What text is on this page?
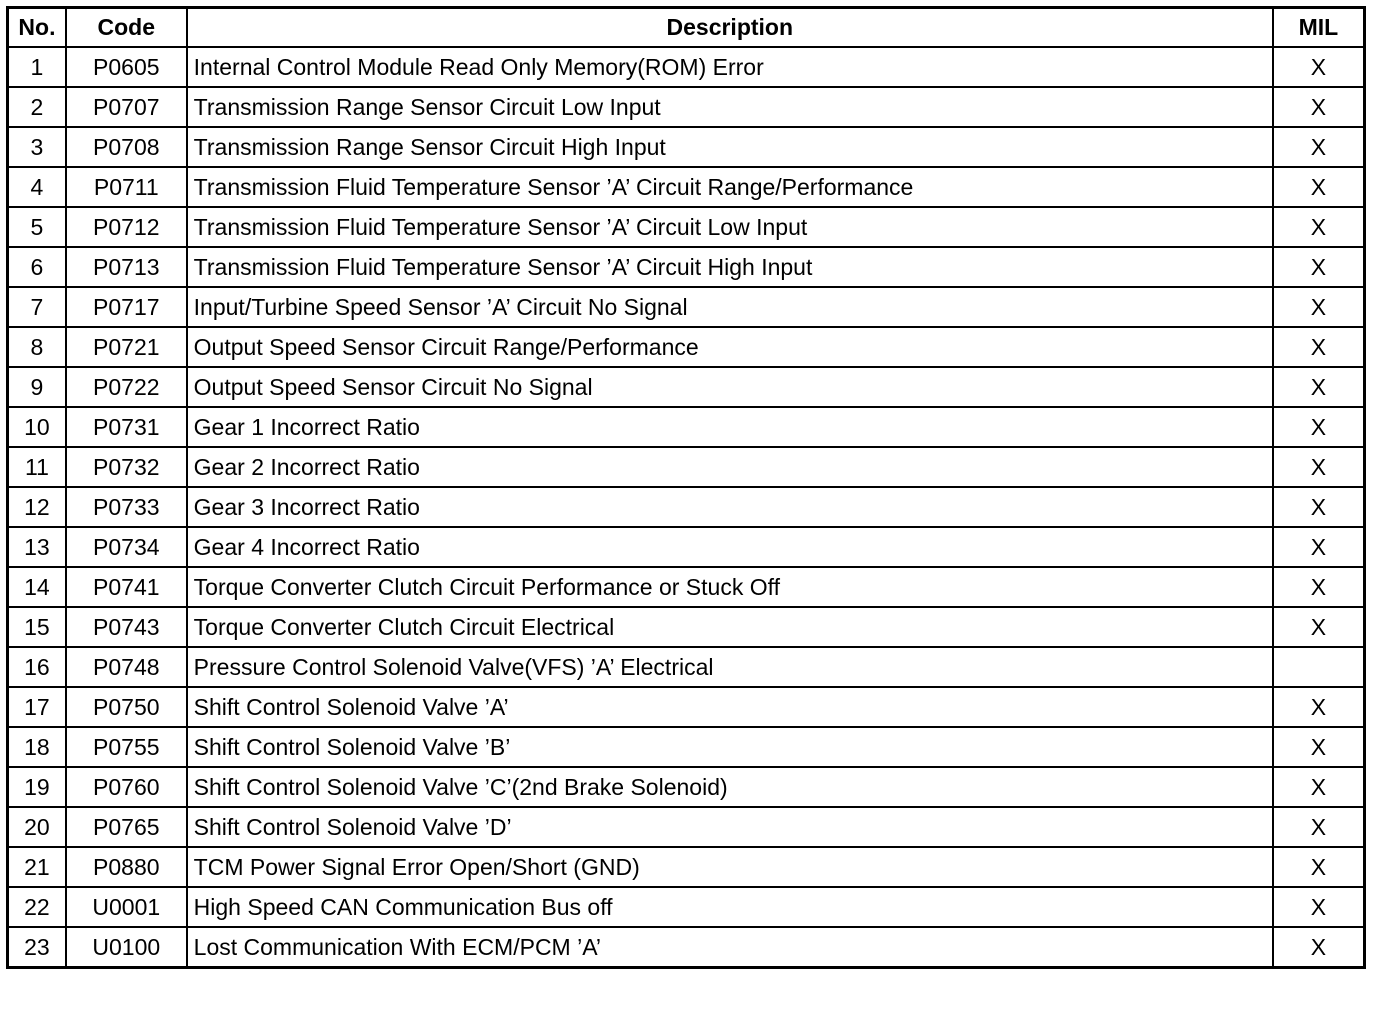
No.	Code	Description	MIL
1	P0605	Internal Control Module Read Only Memory(ROM) Error	X
2	P0707	Transmission Range Sensor Circuit Low Input	X
3	P0708	Transmission Range Sensor Circuit High Input	X
4	P0711	Transmission Fluid Temperature Sensor ’A’ Circuit Range/Performance	X
5	P0712	Transmission Fluid Temperature Sensor ’A’ Circuit Low Input	X
6	P0713	Transmission Fluid Temperature Sensor ’A’ Circuit High Input	X
7	P0717	Input/Turbine Speed Sensor ’A’ Circuit No Signal	X
8	P0721	Output Speed Sensor Circuit Range/Performance	X
9	P0722	Output Speed Sensor Circuit No Signal	X
10	P0731	Gear 1 Incorrect Ratio	X
11	P0732	Gear 2 Incorrect Ratio	X
12	P0733	Gear 3 Incorrect Ratio	X
13	P0734	Gear 4 Incorrect Ratio	X
14	P0741	Torque Converter Clutch Circuit Performance or Stuck Off	X
15	P0743	Torque Converter Clutch Circuit Electrical	X
16	P0748	Pressure Control Solenoid Valve(VFS) ’A’ Electrical	
17	P0750	Shift Control Solenoid Valve ’A’	X
18	P0755	Shift Control Solenoid Valve ’B’	X
19	P0760	Shift Control Solenoid Valve ’C’(2nd Brake Solenoid)	X
20	P0765	Shift Control Solenoid Valve ’D’	X
21	P0880	TCM Power Signal Error Open/Short (GND)	X
22	U0001	High Speed CAN Communication Bus off	X
23	U0100	Lost Communication With ECM/PCM ’A’	X
